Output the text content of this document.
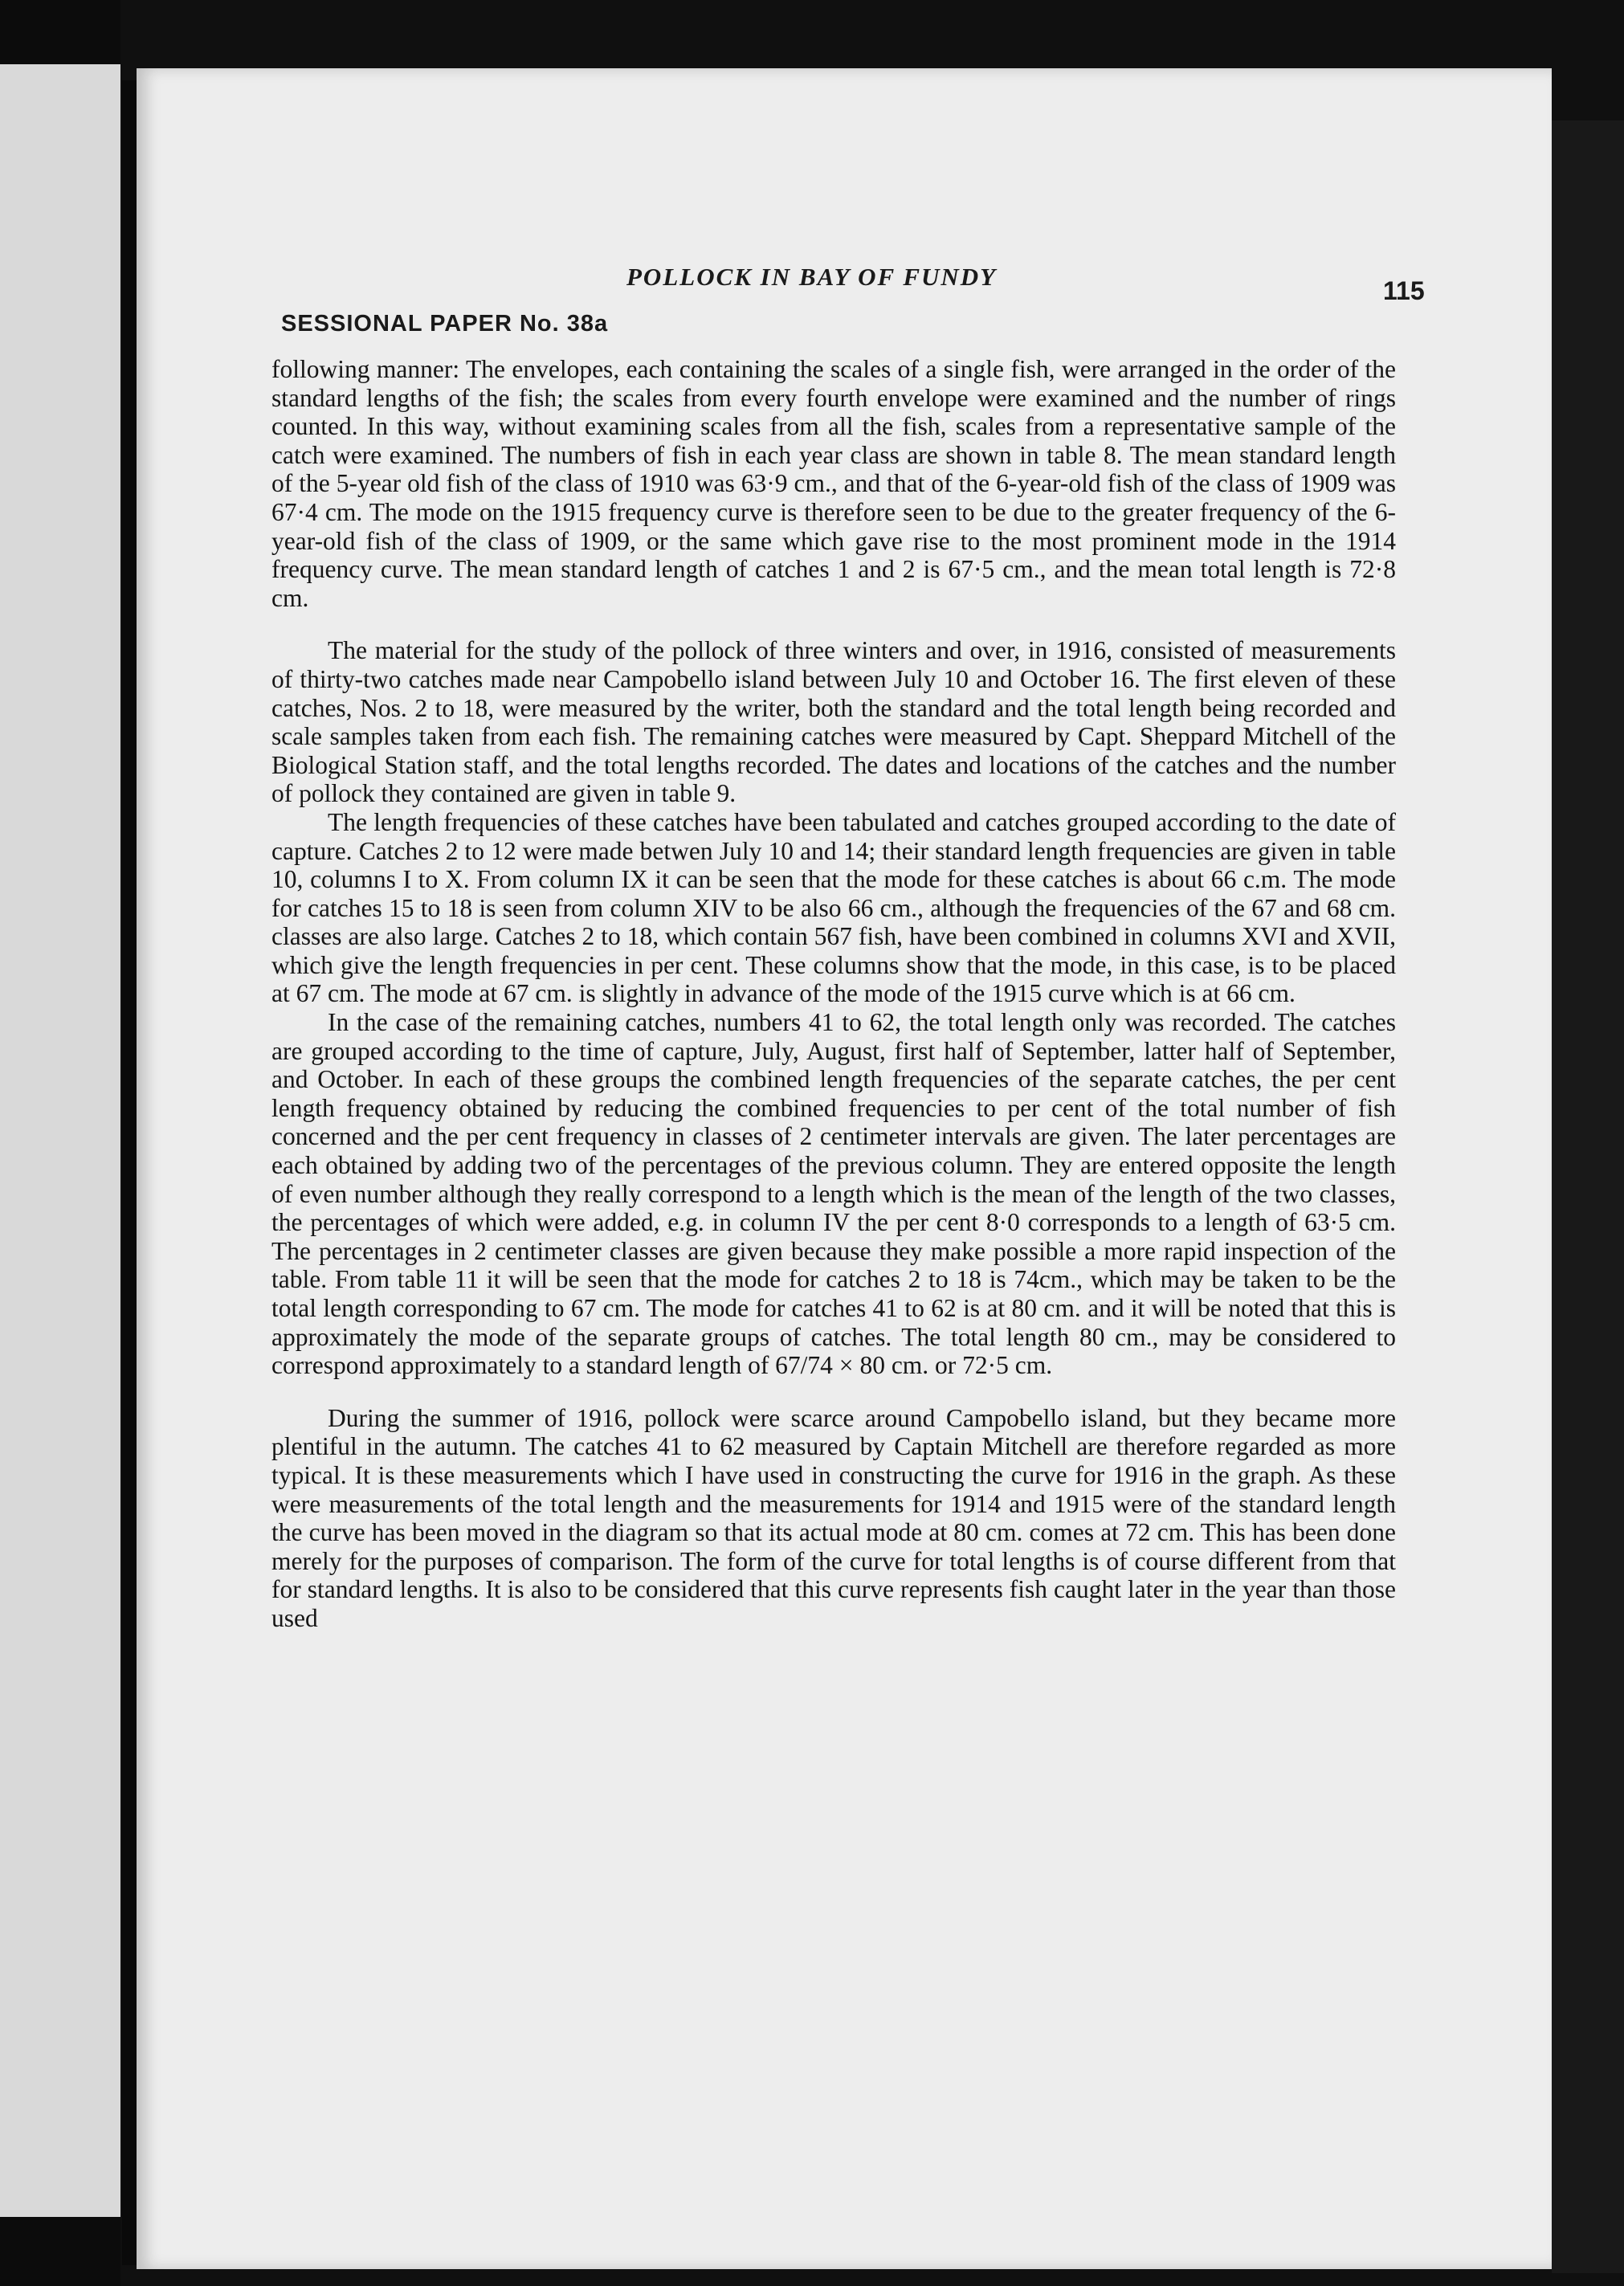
POLLOCK IN BAY OF FUNDY	115
SESSIONAL PAPER No. 38a

following manner: The envelopes, each containing the scales of a single fish, were arranged in the order of the standard lengths of the fish; the scales from every fourth envelope were examined and the number of rings counted. In this way, without examining scales from all the fish, scales from a representative sample of the catch were examined. The numbers of fish in each year class are shown in table 8. The mean standard length of the 5-year old fish of the class of 1910 was 63·9 cm., and that of the 6-year-old fish of the class of 1909 was 67·4 cm. The mode on the 1915 frequency curve is therefore seen to be due to the greater frequency of the 6-year-old fish of the class of 1909, or the same which gave rise to the most prominent mode in the 1914 frequency curve. The mean standard length of catches 1 and 2 is 67·5 cm., and the mean total length is 72·8 cm.

The material for the study of the pollock of three winters and over, in 1916, consisted of measurements of thirty-two catches made near Campobello island between July 10 and October 16. The first eleven of these catches, Nos. 2 to 18, were measured by the writer, both the standard and the total length being recorded and scale samples taken from each fish. The remaining catches were measured by Capt. Sheppard Mitchell of the Biological Station staff, and the total lengths recorded. The dates and locations of the catches and the number of pollock they contained are given in table 9.

The length frequencies of these catches have been tabulated and catches grouped according to the date of capture. Catches 2 to 12 were made betwen July 10 and 14; their standard length frequencies are given in table 10, columns I to X. From column IX it can be seen that the mode for these catches is about 66 c.m. The mode for catches 15 to 18 is seen from column XIV to be also 66 cm., although the frequencies of the 67 and 68 cm. classes are also large. Catches 2 to 18, which contain 567 fish, have been combined in columns XVI and XVII, which give the length frequencies in per cent. These columns show that the mode, in this case, is to be placed at 67 cm. The mode at 67 cm. is slightly in advance of the mode of the 1915 curve which is at 66 cm.

In the case of the remaining catches, numbers 41 to 62, the total length only was recorded. The catches are grouped according to the time of capture, July, August, first half of September, latter half of September, and October. In each of these groups the combined length frequencies of the separate catches, the per cent length frequency obtained by reducing the combined frequencies to per cent of the total number of fish concerned and the per cent frequency in classes of 2 centimeter intervals are given. The later percentages are each obtained by adding two of the percentages of the previous column. They are entered opposite the length of even number although they really correspond to a length which is the mean of the length of the two classes, the percentages of which were added, e.g. in column IV the per cent 8·0 corresponds to a length of 63·5 cm. The percentages in 2 centimeter classes are given because they make possible a more rapid inspection of the table. From table 11 it will be seen that the mode for catches 2 to 18 is 74cm., which may be taken to be the total length corresponding to 67 cm. The mode for catches 41 to 62 is at 80 cm. and it will be noted that this is approximately the mode of the separate groups of catches. The total length 80 cm., may be considered to correspond approximately to a standard length of 67/74 × 80 cm. or 72·5 cm.

During the summer of 1916, pollock were scarce around Campobello island, but they became more plentiful in the autumn. The catches 41 to 62 measured by Captain Mitchell are therefore regarded as more typical. It is these measurements which I have used in constructing the curve for 1916 in the graph. As these were measurements of the total length and the measurements for 1914 and 1915 were of the standard length the curve has been moved in the diagram so that its actual mode at 80 cm. comes at 72 cm. This has been done merely for the purposes of comparison. The form of the curve for total lengths is of course different from that for standard lengths. It is also to be considered that this curve represents fish caught later in the year than those used
